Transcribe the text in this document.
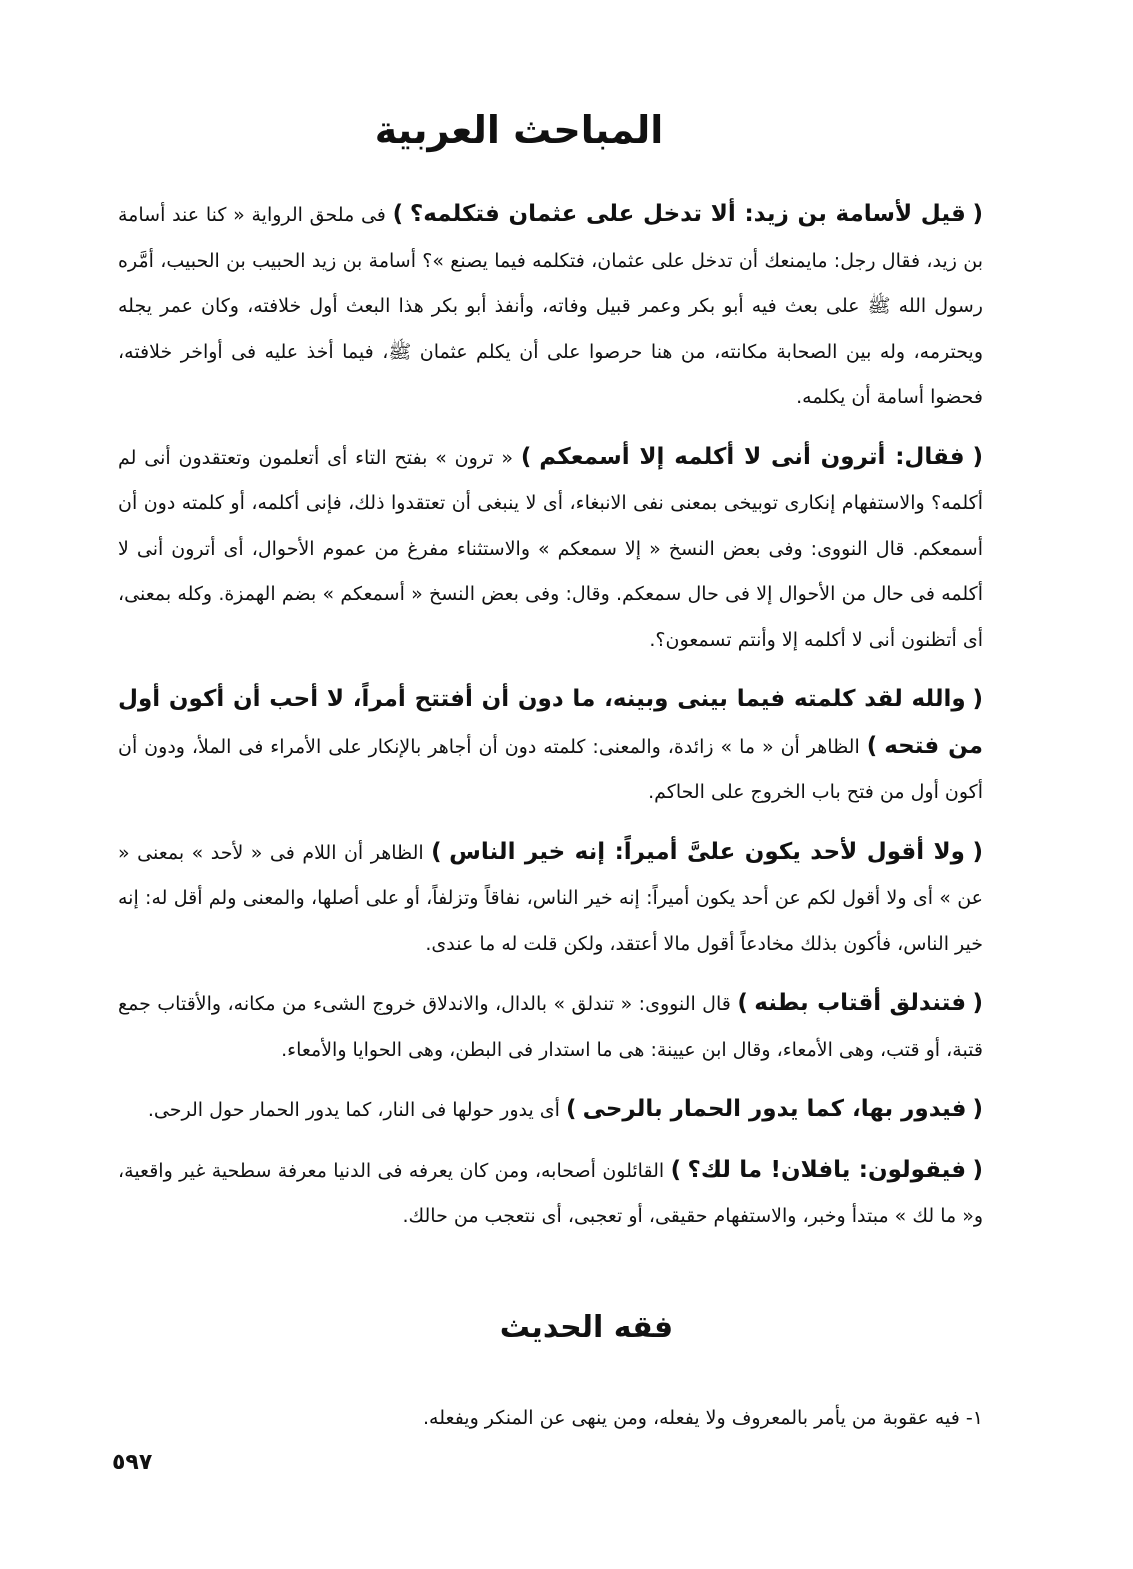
المباحث العربية

( قيل لأسامة بن زيد: ألا تدخل على عثمان فتكلمه؟ ) فى ملحق الرواية « كنا عند أسامة بن زيد، فقال رجل: مايمنعك أن تدخل على عثمان، فتكلمه فيما يصنع »؟ أسامة بن زيد الحبيب بن الحبيب، أمَّره رسول الله ﷺ على بعث فيه أبو بكر وعمر قبيل وفاته، وأنفذ أبو بكر هذا البعث أول خلافته، وكان عمر يجله ويحترمه، وله بين الصحابة مكانته، من هنا حرصوا على أن يكلم عثمان ﷺ، فيما أخذ عليه فى أواخر خلافته، فحضوا أسامة أن يكلمه.

( فقال: أترون أنى لا أكلمه إلا أسمعكم ) « ترون » بفتح التاء أى أتعلمون وتعتقدون أنى لم أكلمه؟ والاستفهام إنكارى توبيخى بمعنى نفى الانبغاء، أى لا ينبغى أن تعتقدوا ذلك، فإنى أكلمه، أو كلمته دون أن أسمعكم. قال النووى: وفى بعض النسخ « إلا سمعكم » والاستثناء مفرغ من عموم الأحوال، أى أترون أنى لا أكلمه فى حال من الأحوال إلا فى حال سمعكم. وقال: وفى بعض النسخ « أسمعكم » بضم الهمزة. وكله بمعنى، أى أتظنون أنى لا أكلمه إلا وأنتم تسمعون؟.

( والله لقد كلمته فيما بينى وبينه، ما دون أن أفتتح أمراً، لا أحب أن أكون أول من فتحه ) الظاهر أن « ما » زائدة، والمعنى: كلمته دون أن أجاهر بالإنكار على الأمراء فى الملأ، ودون أن أكون أول من فتح باب الخروج على الحاكم.

( ولا أقول لأحد يكون علىَّ أميراً: إنه خير الناس ) الظاهر أن اللام فى « لأحد » بمعنى « عن » أى ولا أقول لكم عن أحد يكون أميراً: إنه خير الناس، نفاقاً وتزلفاً، أو على أصلها، والمعنى ولم أقل له: إنه خير الناس، فأكون بذلك مخادعاً أقول مالا أعتقد، ولكن قلت له ما عندى.

( فتندلق أقتاب بطنه ) قال النووى: « تندلق » بالدال، والاندلاق خروج الشىء من مكانه، والأقتاب جمع قتبة، أو قتب، وهى الأمعاء، وقال ابن عيينة: هى ما استدار فى البطن، وهى الحوايا والأمعاء.

( فيدور بها، كما يدور الحمار بالرحى ) أى يدور حولها فى النار، كما يدور الحمار حول الرحى.

( فيقولون: يافلان! ما لك؟ ) القائلون أصحابه، ومن كان يعرفه فى الدنيا معرفة سطحية غير واقعية، و« ما لك » مبتدأ وخبر، والاستفهام حقيقى، أو تعجبى، أى نتعجب من حالك.

فقه الحديث
١- فيه عقوبة من يأمر بالمعروف ولا يفعله، ومن ينهى عن المنكر ويفعله.
٥٩٧
